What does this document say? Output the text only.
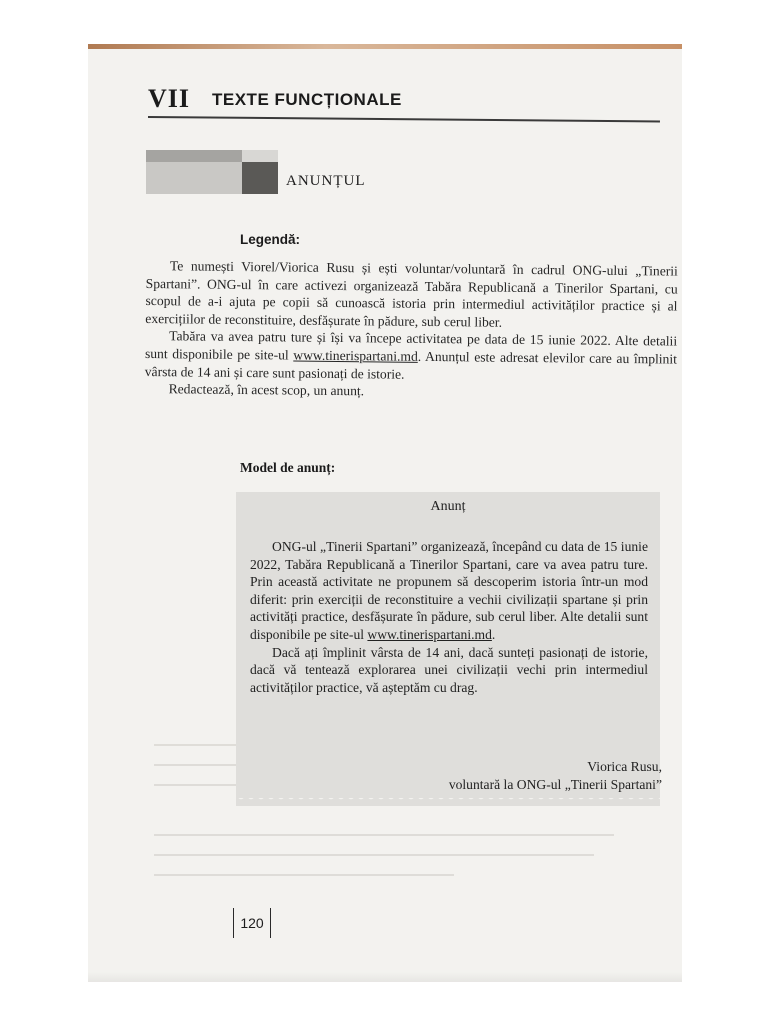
VII TEXTE FUNCȚIONALE
ANUNȚUL
Legendă:

Te numești Viorel/Viorica Rusu și ești voluntar/voluntară în cadrul ONG-ului „Tinerii Spartani”. ONG-ul în care activezi organizează Tabăra Republicană a Tinerilor Spartani, cu scopul de a-i ajuta pe copii să cunoască istoria prin intermediul activităților practice și al exercițiilor de reconstituire, desfășurate în pădure, sub cerul liber.

Tabăra va avea patru ture și își va începe activitatea pe data de 15 iunie 2022. Alte detalii sunt disponibile pe site-ul www.tinerispartani.md. Anunțul este adresat elevilor care au împlinit vârsta de 14 ani și care sunt pasionați de istorie.

Redactează, în acest scop, un anunț.

Model de anunț:
Anunț

ONG-ul „Tinerii Spartani” organizează, începând cu data de 15 iunie 2022, Tabăra Republicană a Tinerilor Spartani, care va avea patru ture. Prin această activitate ne propunem să descoperim istoria într-un mod diferit: prin exerciții de reconstituire a vechii civilizații spartane și prin activități practice, desfășurate în pădure, sub cerul liber. Alte detalii sunt disponibile pe site-ul www.tinerispartani.md.

Dacă ați împlinit vârsta de 14 ani, dacă sunteți pasionați de istorie, dacă vă tentează explorarea unei civilizații vechi prin intermediul activităților practice, vă așteptăm cu drag.

Viorica Rusu,
voluntară la ONG-ul „Tinerii Spartani”
120
